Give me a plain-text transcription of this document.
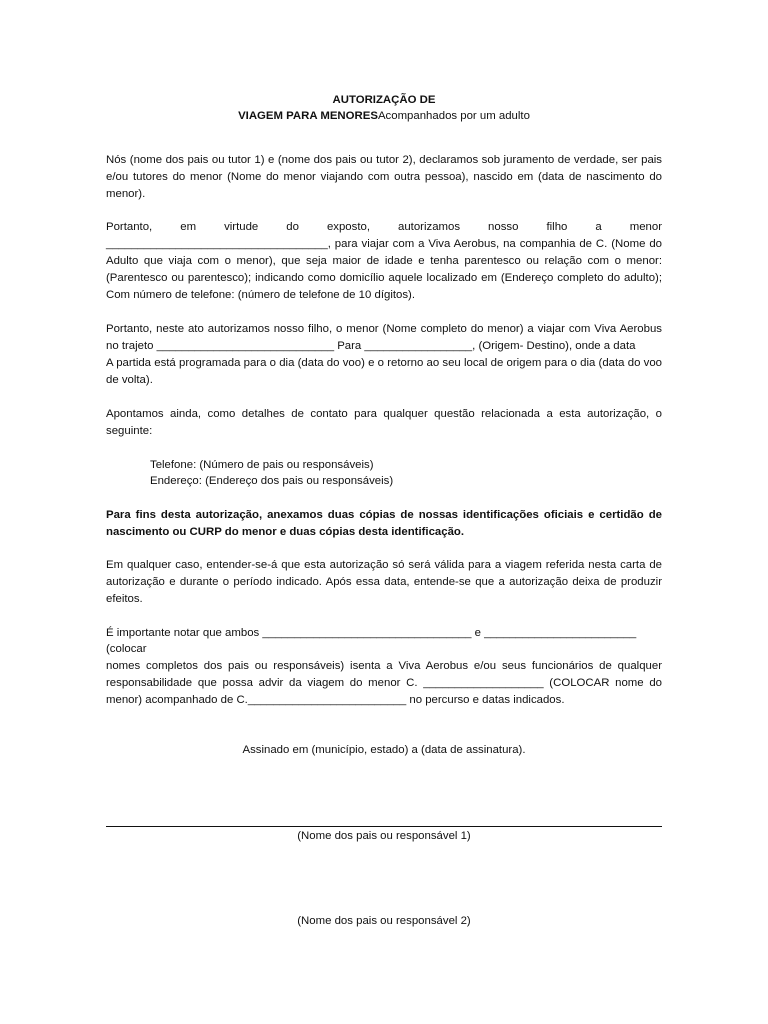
AUTORIZAÇÃO DE

VIAGEM PARA MENORESAcompanhados por um adulto

Nós (nome dos pais ou tutor 1) e (nome dos pais ou tutor 2), declaramos sob juramento de verdade, ser pais e/ou tutores do menor (Nome do menor viajando com outra pessoa), nascido em (data de nascimento do menor).

Portanto, em virtude do exposto, autorizamos nosso filho a menor ___________________________________, para viajar com a Viva Aerobus, na companhia de C. (Nome do Adulto que viaja com o menor), que seja maior de idade e tenha parentesco ou relação com o menor: (Parentesco ou parentesco); indicando como domicílio aquele localizado em (Endereço completo do adulto); Com número de telefone: (número de telefone de 10 dígitos).

Portanto, neste ato autorizamos nosso filho, o menor (Nome completo do menor) a viajar com Viva Aerobus no trajeto ____________________________ Para _________________, (Origem- Destino), onde a data

A partida está programada para o dia (data do voo) e o retorno ao seu local de origem para o dia (data do voo de volta).

Apontamos ainda, como detalhes de contato para qualquer questão relacionada a esta autorização, o seguinte:

Telefone: (Número de pais ou responsáveis)

Endereço: (Endereço dos pais ou responsáveis)

Para fins desta autorização, anexamos duas cópias de nossas identificações oficiais e certidão de nascimento ou CURP do menor e duas cópias desta identificação.

Em qualquer caso, entender-se-á que esta autorização só será válida para a viagem referida nesta carta de autorização e durante o período indicado. Após essa data, entende-se que a autorização deixa de produzir efeitos.

É importante notar que ambos _________________________________ e ________________________

(colocar

nomes completos dos pais ou responsáveis) isenta a Viva Aerobus e/ou seus funcionários de qualquer responsabilidade que possa advir da viagem do menor C. ___________________ (COLOCAR nome do menor) acompanhado de C._________________________ no percurso e datas indicados.

Assinado em (município, estado) a (data de assinatura).

(Nome dos pais ou responsável 1)

(Nome dos pais ou responsável 2)
